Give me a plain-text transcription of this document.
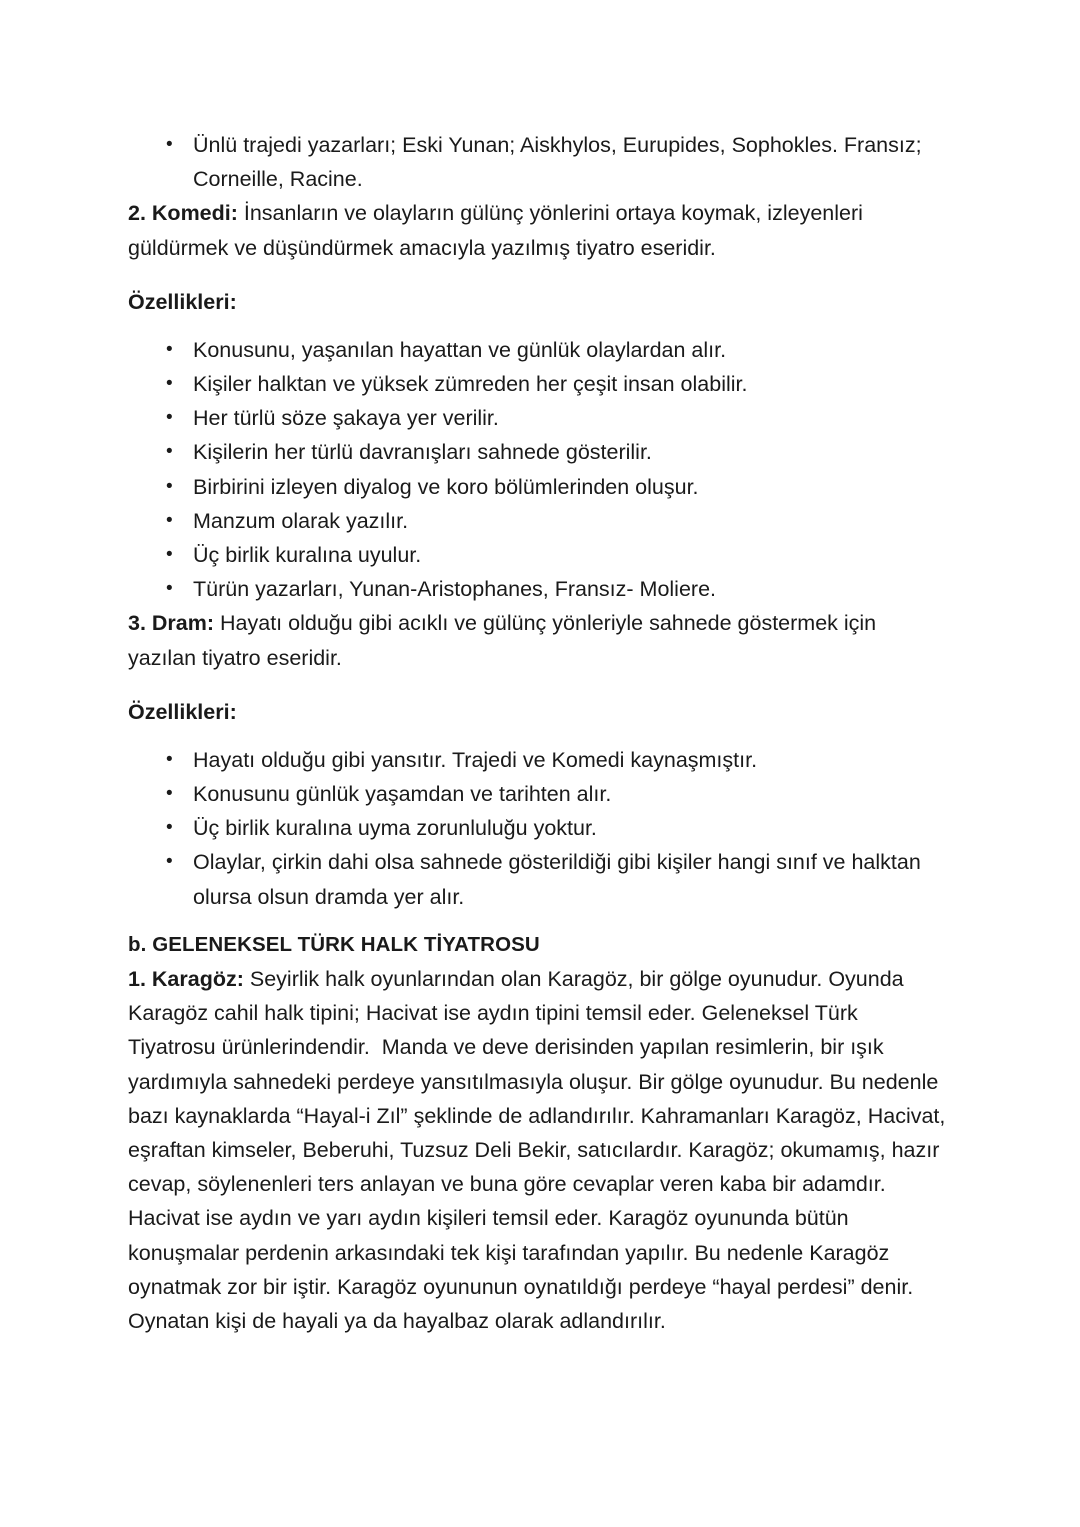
• Ünlü trajedi yazarları; Eski Yunan; Aiskhylos, Eurupides, Sophokles. Fransız; Corneille, Racine.

2. Komedi: İnsanların ve olayların gülünç yönlerini ortaya koymak, izleyenleri güldürmek ve düşündürmek amacıyla yazılmış tiyatro eseridir.

Özellikleri:
• Konusunu, yaşanılan hayattan ve günlük olaylardan alır.
• Kişiler halktan ve yüksek zümreden her çeşit insan olabilir.
• Her türlü söze şakaya yer verilir.
• Kişilerin her türlü davranışları sahnede gösterilir.
• Birbirini izleyen diyalog ve koro bölümlerinden oluşur.
• Manzum olarak yazılır.
• Üç birlik kuralına uyulur.
• Türün yazarları, Yunan-Aristophanes, Fransız- Moliere.

3. Dram: Hayatı olduğu gibi acıklı ve gülünç yönleriyle sahnede göstermek için yazılan tiyatro eseridir.

Özellikleri:
• Hayatı olduğu gibi yansıtır. Trajedi ve Komedi kaynaşmıştır.
• Konusunu günlük yaşamdan ve tarihten alır.
• Üç birlik kuralına uyma zorunluluğu yoktur.
• Olaylar, çirkin dahi olsa sahnede gösterildiği gibi kişiler hangi sınıf ve halktan olursa olsun dramda yer alır.
b. GELENEKSEL TÜRK HALK TİYATROSU

1. Karagöz: Seyirlik halk oyunlarından olan Karagöz, bir gölge oyunudur. Oyunda Karagöz cahil halk tipini; Hacivat ise aydın tipini temsil eder. Geleneksel Türk Tiyatrosu ürünlerindendir.  Manda ve deve derisinden yapılan resimlerin, bir ışık yardımıyla sahnedeki perdeye yansıtılmasıyla oluşur. Bir gölge oyunudur. Bu nedenle bazı kaynaklarda “Hayal-i Zıl” şeklinde de adlandırılır. Kahramanları Karagöz, Hacivat, eşraftan kimseler, Beberuhi, Tuzsuz Deli Bekir, satıcılardır. Karagöz; okumamış, hazır cevap, söylenenleri ters anlayan ve buna göre cevaplar veren kaba bir adamdır. Hacivat ise aydın ve yarı aydın kişileri temsil eder. Karagöz oyununda bütün konuşmalar perdenin arkasındaki tek kişi tarafından yapılır. Bu nedenle Karagöz oynatmak zor bir iştir. Karagöz oyununun oynatıldığı perdeye “hayal perdesi” denir. Oynatan kişi de hayali ya da hayalbaz olarak adlandırılır.
